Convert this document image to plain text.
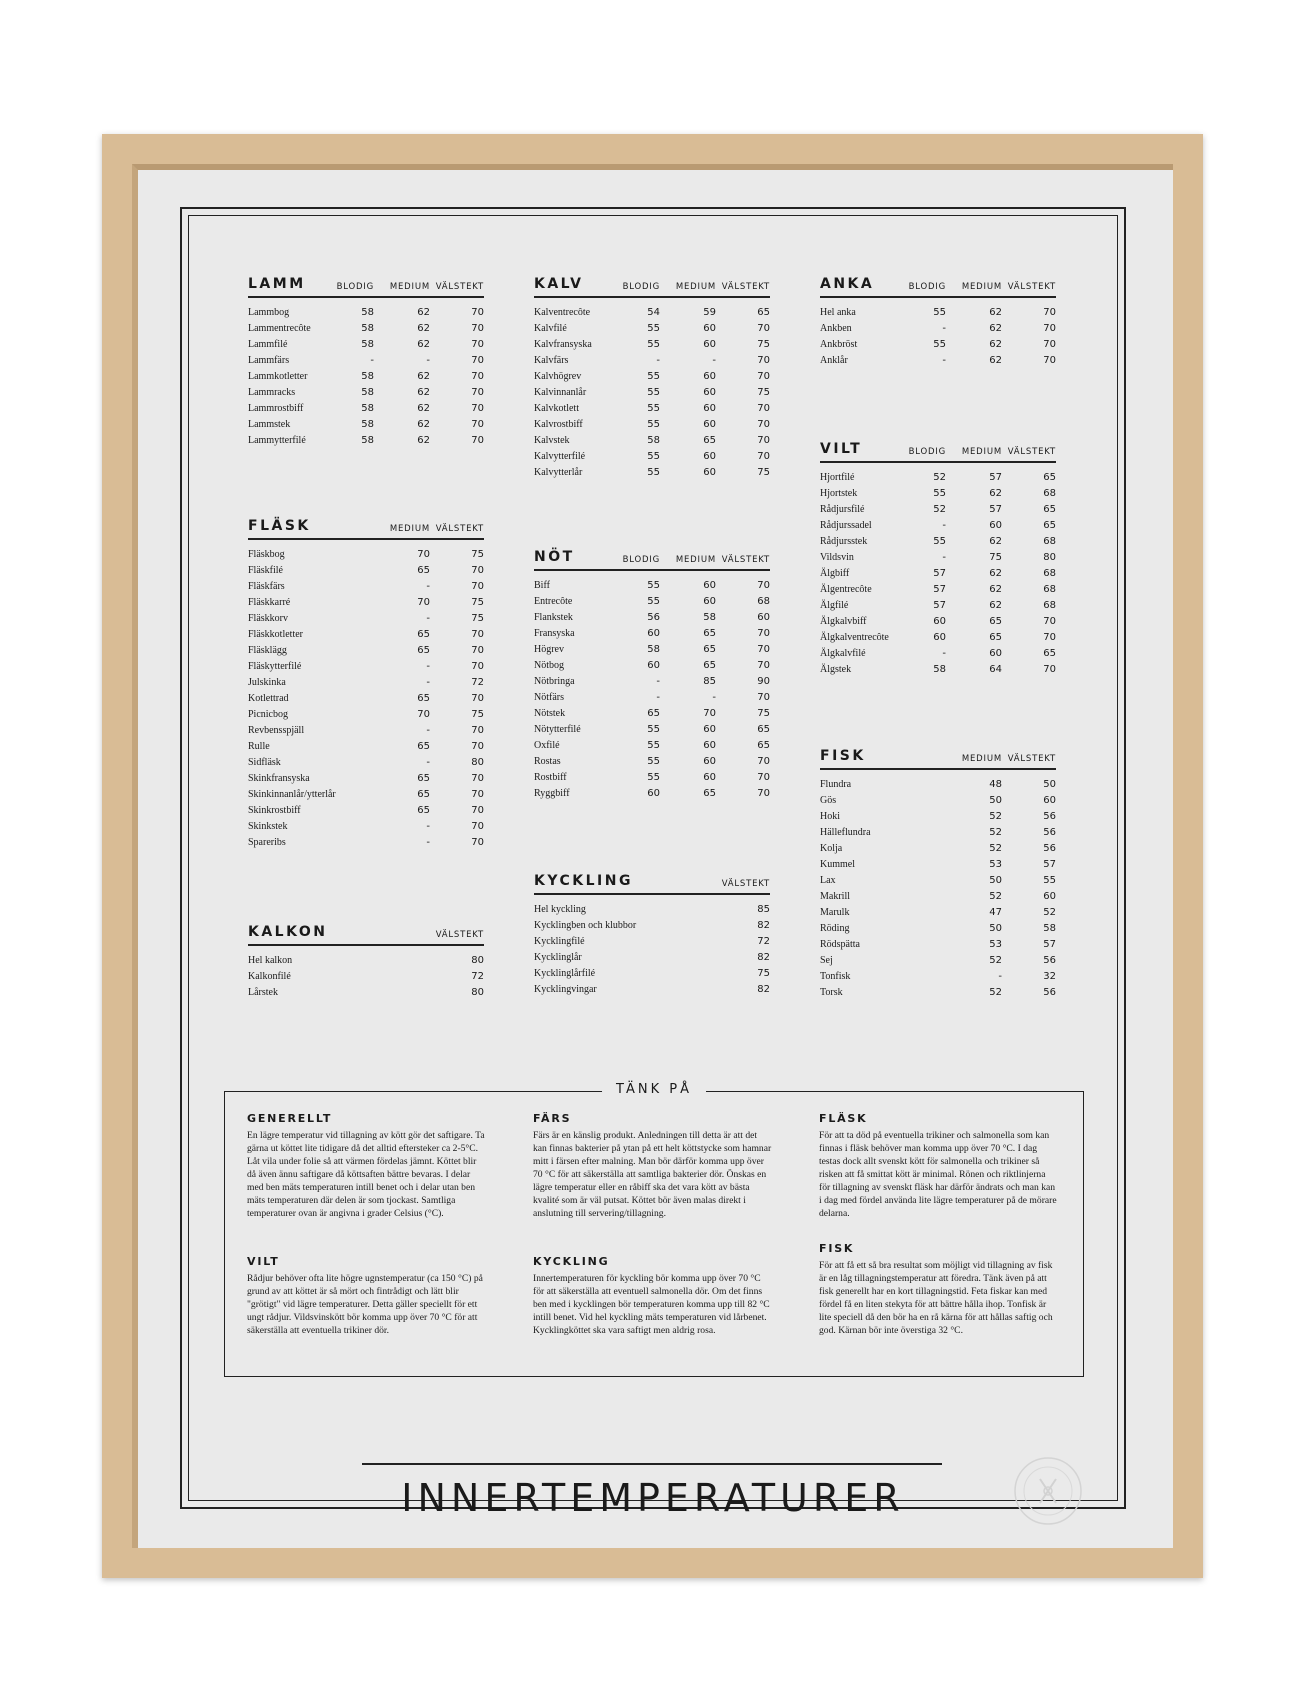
LAMM	BLODIG	MEDIUM VÄLSTEKT
Lammbog	58	62	70
Lammentrecôte	58	62	70
Lammfilé	58	62	70
Lammfärs	-	-	70
Lammkotletter	58	62	70
Lammracks	58	62	70
Lammrostbiff	58	62	70
Lammstek	58	62	70
Lammytterfilé	58	62	70
FLÄSK	MEDIUM VÄLSTEKT
Fläskbog	70	75
Fläskfilé	65	70
Fläskfärs	-	70
Fläskkarré	70	75
Fläskkorv	-	75
Fläskkotletter	65	70
Fläsklägg	65	70
Fläskytterfilé	-	70
Julskinka	-	72
Kotlettrad	65	70
Picnicbog	70	75
Revbensspjäll	-	70
Rulle	65	70
Sidfläsk	-	80
Skinkfransyska	65	70
Skinkinnanlår/ytterlår	65	70
Skinkrostbiff	65	70
Skinkstek	-	70
Spareribs	-	70
KALKON	VÄLSTEKT
Hel kalkon	80
Kalkonfilé	72
Lårstek	80
KALV	BLODIG	MEDIUM VÄLSTEKT
Kalventrecôte	54	59	65
Kalvfilé	55	60	70
Kalvfransyska	55	60	75
Kalvfärs	-	-	70
Kalvhögrev	55	60	70
Kalvinnanlår	55	60	75
Kalvkotlett	55	60	70
Kalvrostbiff	55	60	70
Kalvstek	58	65	70
Kalvytterfilé	55	60	70
Kalvytterlår	55	60	75
NÖT	BLODIG	MEDIUM VÄLSTEKT
Biff	55	60	70
Entrecôte	55	60	68
Flankstek	56	58	60
Fransyska	60	65	70
Högrev	58	65	70
Nötbog	60	65	70
Nötbringa	-	85	90
Nötfärs	-	-	70
Nötstek	65	70	75
Nötytterfilé	55	60	65
Oxfilé	55	60	65
Rostas	55	60	70
Rostbiff	55	60	70
Ryggbiff	60	65	70
KYCKLING	VÄLSTEKT
Hel kyckling	85
Kycklingben och klubbor	82
Kycklingfilé	72
Kycklinglår	82
Kycklinglårfilé	75
Kycklingvingar	82
ANKA	BLODIG	MEDIUM VÄLSTEKT
Hel anka	55	62	70
Ankben	-	62	70
Ankbröst	55	62	70
Anklår	-	62	70
VILT	BLODIG	MEDIUM VÄLSTEKT
Hjortfilé	52	57	65
Hjortstek	55	62	68
Rådjursfilé	52	57	65
Rådjurssadel	-	60	65
Rådjursstek	55	62	68
Vildsvin	-	75	80
Älgbiff	57	62	68
Älgentrecôte	57	62	68
Älgfilé	57	62	68
Älgkalvbiff	60	65	70
Älgkalventrecôte	60	65	70
Älgkalvfilé	-	60	65
Älgstek	58	64	70
FISK	MEDIUM VÄLSTEKT
Flundra	48	50
Gös	50	60
Hoki	52	56
Hälleflundra	52	56
Kolja	52	56
Kummel	53	57
Lax	50	55
Makrill	52	60
Marulk	47	52
Röding	50	58
Rödspätta	53	57
Sej	52	56
Tonfisk	-	32
Torsk	52	56
TÄNK PÅ
GENERELLT

En lägre temperatur vid tillagning av kött gör det saftigare. Ta gärna ut köttet lite tidigare då det alltid eftersteker ca 2-5°C. Låt vila under folie så att värmen fördelas jämnt. Köttet blir då även ännu saftigare då köttsaften bättre bevaras. I delar med ben mäts temperaturen intill benet och i delar utan ben mäts temperaturen där delen är som tjockast. Samtliga temperaturer ovan är angivna i grader Celsius (°C).

VILT

Rådjur behöver ofta lite högre ugnstemperatur (ca 150 °C) på grund av att köttet är så mört och fintrådigt och lätt blir "grötigt" vid lägre temperaturer. Detta gäller speciellt för ett ungt rådjur. Vildsvinskött bör komma upp över 70 °C för att säkerställa att eventuella trikiner dör.

FÄRS

Färs är en känslig produkt. Anledningen till detta är att det kan finnas bakterier på ytan på ett helt köttstycke som hamnar mitt i färsen efter malning. Man bör därför komma upp över 70 °C för att säkerställa att samtliga bakterier dör. Önskas en lägre temperatur eller en råbiff ska det vara kött av bästa kvalité som är väl putsat. Köttet bör även malas direkt i anslutning till servering/tillagning.

KYCKLING

Innertemperaturen för kyckling bör komma upp över 70 °C för att säkerställa att eventuell salmonella dör. Om det finns ben med i kycklingen bör temperaturen komma upp till 82 °C intill benet. Vid hel kyckling mäts temperaturen vid lårbenet. Kycklingköttet ska vara saftigt men aldrig rosa.

FLÄSK

För att ta död på eventuella trikiner och salmonella som kan finnas i fläsk behöver man komma upp över 70 °C. I dag testas dock allt svenskt kött för salmonella och trikiner så risken att få smittat kött är minimal. Rönen och riktlinjerna för tillagning av svenskt fläsk har därför ändrats och man kan i dag med fördel använda lite lägre temperaturer på de mörare delarna.

FISK

För att få ett så bra resultat som möjligt vid tillagning av fisk är en låg tillagningstemperatur att föredra. Tänk även på att fisk generellt har en kort tillagningstid. Feta fiskar kan med fördel få en liten stekyta för att bättre hålla ihop. Tonfisk är lite speciell då den bör ha en rå kärna för att hållas saftig och god. Kärnan bör inte överstiga 32 °C.

INNERTEMPERATURER
